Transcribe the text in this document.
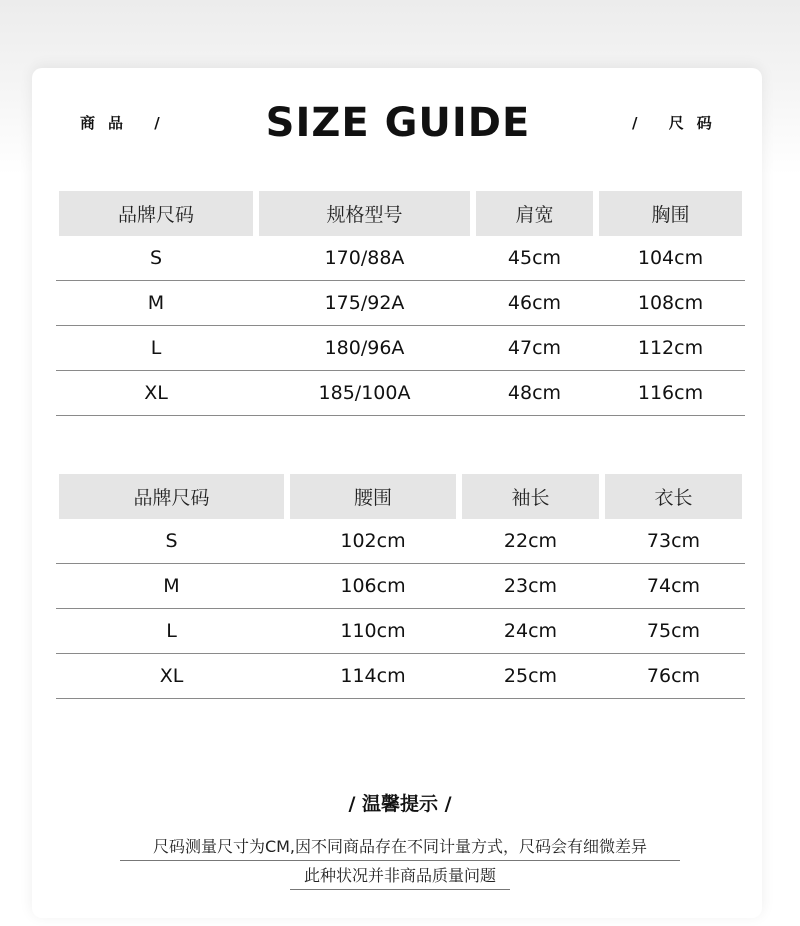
商品 /	SIZE GUIDE	/ 尺码
品牌尺码	规格型号	肩宽	胸围
S	170/88A	45cm	104cm
M	175/92A	46cm	108cm
L	180/96A	47cm	112cm
XL	185/100A	48cm	116cm
品牌尺码	腰围	袖长	衣长
S	102cm	22cm	73cm
M	106cm	23cm	74cm
L	110cm	24cm	75cm
XL	114cm	25cm	76cm
/ 温馨提示 /
尺码测量尺寸为CM,因不同商品存在不同计量方式，尺码会有细微差异
此种状况并非商品质量问题
